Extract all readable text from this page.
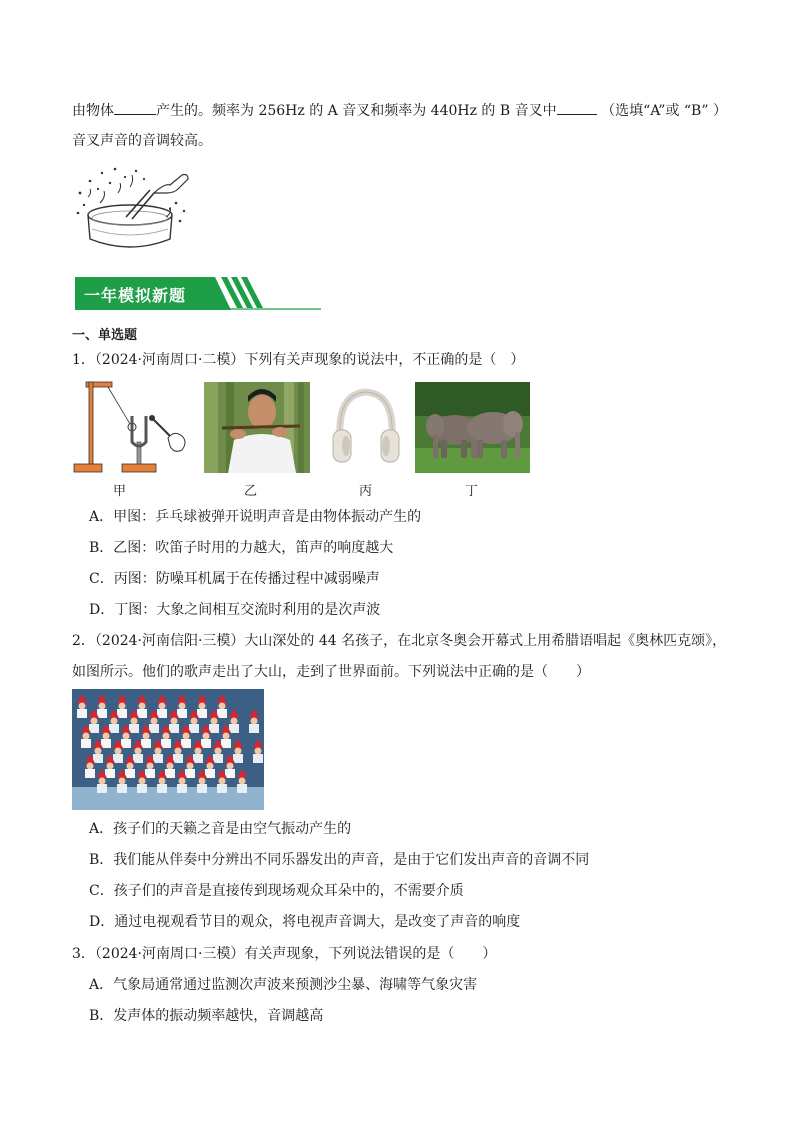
由物体	产生的。频率为 256Hz 的 A 音叉和频率为 440Hz 的 B 音叉中	（选填“A”或 “B” ）
音叉声音的音调较高。
一年模拟新题
一、单选题
1．（2024·河南周口·二模）下列有关声现象的说法中，不正确的是（　）
甲	乙	丙	丁
A．甲图：乒乓球被弹开说明声音是由物体振动产生的
B．乙图：吹笛子时用的力越大，笛声的响度越大
C．丙图：防噪耳机属于在传播过程中减弱噪声
D．丁图：大象之间相互交流时利用的是次声波
2．（2024·河南信阳·三模）大山深处的 44 名孩子，在北京冬奥会开幕式上用希腊语唱起《奥林匹克颂》，
如图所示。他们的歌声走出了大山，走到了世界面前。下列说法中正确的是（　　）
A．孩子们的天籁之音是由空气振动产生的
B．我们能从伴奏中分辨出不同乐器发出的声音，是由于它们发出声音的音调不同
C．孩子们的声音是直接传到现场观众耳朵中的，不需要介质
D．通过电视观看节目的观众，将电视声音调大，是改变了声音的响度
3．（2024·河南周口·三模）有关声现象，下列说法错误的是（　　）
A．气象局通常通过监测次声波来预测沙尘暴、海啸等气象灾害
B．发声体的振动频率越快，音调越高
